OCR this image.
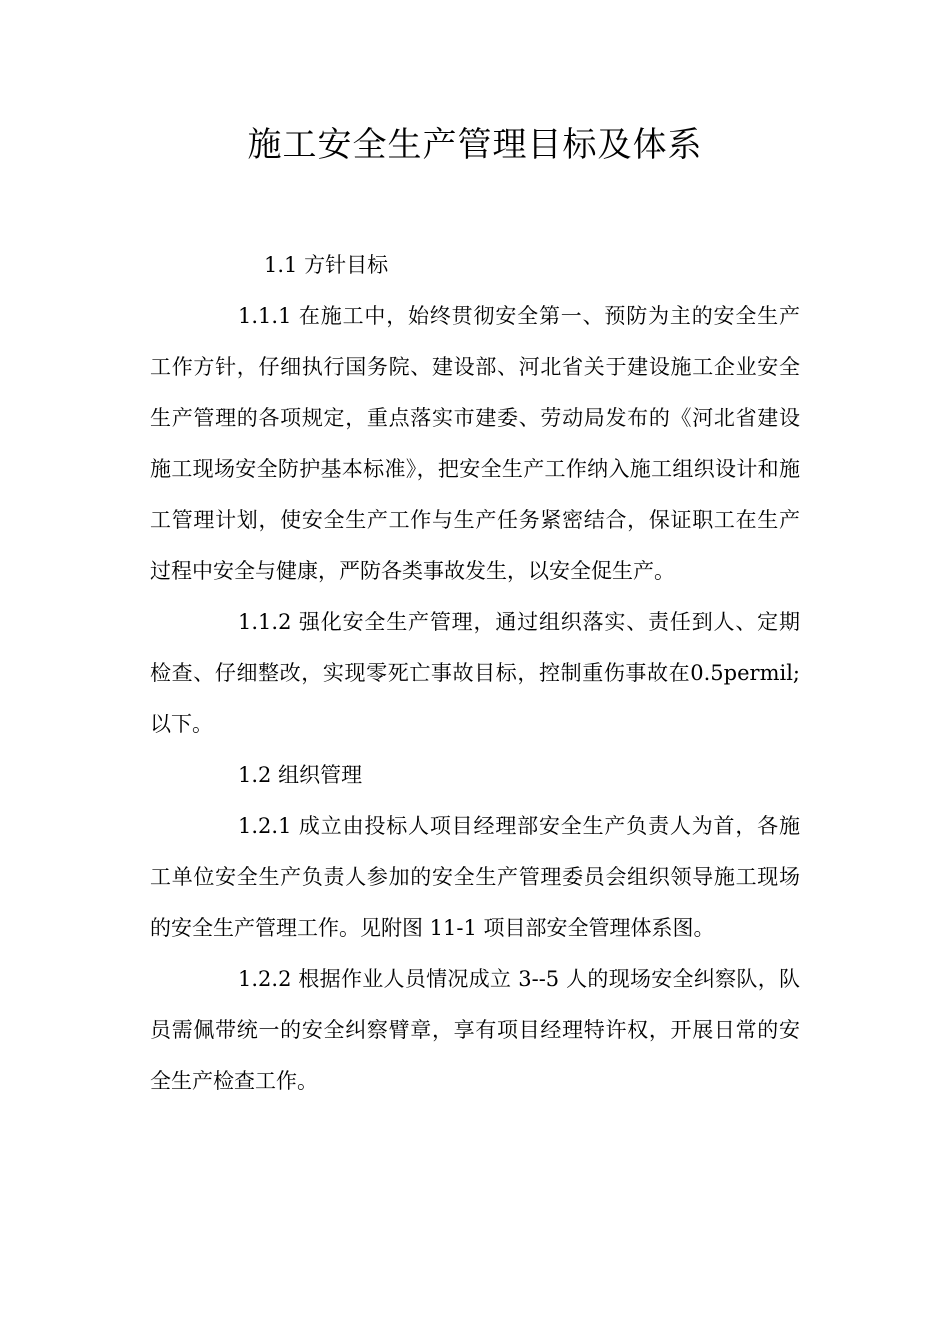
施工安全生产管理目标及体系

1.1 方针目标

1.1.1 在施工中，始终贯彻安全第一、预防为主的安全生产工作方针，仔细执行国务院、建设部、河北省关于建设施工企业安全生产管理的各项规定，重点落实市建委、劳动局发布的《河北省建设施工现场安全防护基本标准》，把安全生产工作纳入施工组织设计和施工管理计划，使安全生产工作与生产任务紧密结合，保证职工在生产过程中安全与健康，严防各类事故发生，以安全促生产。

1.1.2 强化安全生产管理，通过组织落实、责任到人、定期检查、仔细整改，实现零死亡事故目标，控制重伤事故在0.5permil;以下。

1.2 组织管理

1.2.1 成立由投标人项目经理部安全生产负责人为首，各施工单位安全生产负责人参加的安全生产管理委员会组织领导施工现场的安全生产管理工作。见附图 11-1 项目部安全管理体系图。

1.2.2 根据作业人员情况成立 3--5 人的现场安全纠察队，队员需佩带统一的安全纠察臂章，享有项目经理特许权，开展日常的安全生产检查工作。
